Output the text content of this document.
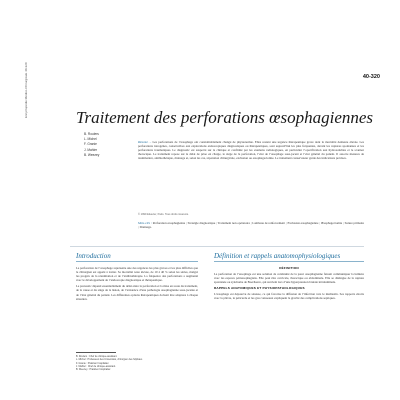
Encyclopédie Médico-Chirurgicale 40-320	40-320
Traitement des perforations œsophagiennes
B. Roulers
L. Michel
F. Granie
J. Mahler
B. Weezey
Résumé. – Les perforations de l’œsophage ont considérablement changé de physionomie. Elles restent une urgence thérapeutique grave dont la mortalité demeure élevée. Les perforations iatrogènes, consécutives aux explorations endoscopiques diagnostiques ou thérapeutiques, sont aujourd’hui les plus fréquentes, devant les ruptures spontanées et les perforations traumatiques. Le diagnostic est suspecté sur la clinique et confirmé par les examens radiologiques, en particulier l’opacification aux hydrosolubles et le scanner thoracique. Le traitement repose sur le délai de prise en charge, le siège de la perforation, l’état de l’œsophage sous-jacent et l’état général du patient. Il associe mesures de réanimation, antibiothérapie, drainage et, selon les cas, réparation chirurgicale, exclusion ou œsophagectomie. Le traitement conservateur garde des indications précises.
© 1999 Elsevier, Paris. Tous droits réservés.
Mots-clés : Perforation œsophagienne ; Stratégie diagnostique ; Traitement non opératoire ; Lambeau de renforcement ; Exclusion œsophagienne ; Œsophagectomie ; Suture primaire ; Drainage.
Introduction

La perforation de l’œsophage représente une des urgences les plus graves et les plus difficiles que le chirurgien est appelé à traiter. Sa mortalité reste élevée, de 10 à 40 % selon les séries, malgré les progrès de la réanimation et de l’antibiothérapie. La fréquence des perforations a augmenté avec le développement de l’endoscopie diagnostique et thérapeutique.

Le pronostic dépend essentiellement du délai entre la perforation et la mise en route du traitement, de la cause et du siège de la lésion, de l’existence d’une pathologie œsophagienne sous-jacente et de l’état général du patient. Les différentes options thérapeutiques doivent être adaptées à chaque situation.

Définition et rappels anatomophysiologiques
DÉFINITION

La perforation de l’œsophage est une solution de continuité de la paroi œsophagienne faisant communiquer la lumière avec les espaces périœsophagiens. Elle peut être cervicale, thoracique ou abdominale. Elle se distingue de la rupture spontanée ou syndrome de Boerhaave, qui survient lors d’une hyperpression brutale intraluminale.

RAPPELS ANATOMIQUES ET PHYSIOPATHOLOGIQUES

L’œsophage est dépourvu de séreuse, ce qui favorise la diffusion de l’infection vers le médiastin. Ses rapports étroits avec la plèvre, le péricarde et les gros vaisseaux expliquent la gravité des complications septiques.

B. Roulers : Chef de clinique-assistant.
L. Michel : Professeur des Universités, chirurgien des hôpitaux.
F. Granie : Praticien hospitalier.
J. Mahler : Chef de clinique-assistant.
B. Weezey : Praticien hospitalier.
